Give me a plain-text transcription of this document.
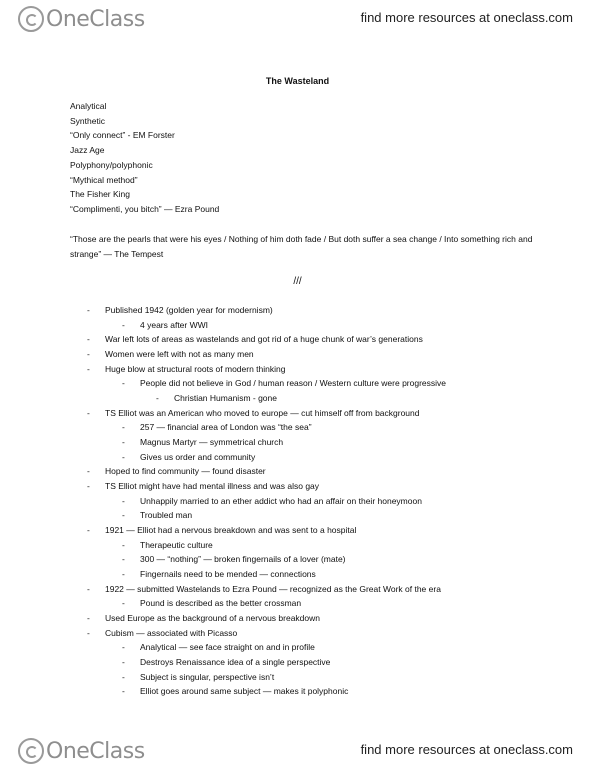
OneClass	find more resources at oneclass.com
The Wasteland
Analytical
Synthetic
“Only connect” - EM Forster
Jazz Age
Polyphony/polyphonic
“Mythical method”
The Fisher King
“Complimenti, you bitch” — Ezra Pound
“Those are the pearls that were his eyes / Nothing of him doth fade / But doth suffer a sea change / Into something rich and strange” — The Tempest
///
- Published 1942 (golden year for modernism)
- 4 years after WWI
- War left lots of areas as wastelands and got rid of a huge chunk of war’s generations
- Women were left with not as many men
- Huge blow at structural roots of modern thinking
- People did not believe in God / human reason / Western culture were progressive
- Christian Humanism - gone
- TS Elliot was an American who moved to europe — cut himself off from background
- 257 — financial area of London was “the sea”
- Magnus Martyr — symmetrical church
- Gives us order and community
- Hoped to find community — found disaster
- TS Elliot might have had mental illness and was also gay
- Unhappily married to an ether addict who had an affair on their honeymoon
- Troubled man
- 1921 — Elliot had a nervous breakdown and was sent to a hospital
- Therapeutic culture
- 300 — “nothing” — broken fingernails of a lover (mate)
- Fingernails need to be mended — connections
- 1922 — submitted Wastelands to Ezra Pound — recognized as the Great Work of the era
- Pound is described as the better crossman
- Used Europe as the background of a nervous breakdown
- Cubism — associated with Picasso
- Analytical — see face straight on and in profile
- Destroys Renaissance idea of a single perspective
- Subject is singular, perspective isn’t
- Elliot goes around same subject — makes it polyphonic
OneClass	find more resources at oneclass.com
